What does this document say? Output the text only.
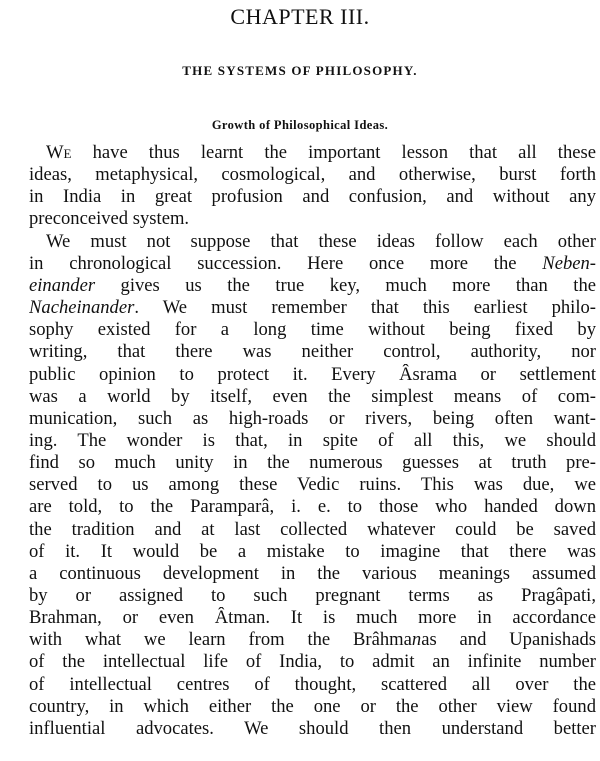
CHAPTER III.
THE SYSTEMS OF PHILOSOPHY.
Growth of Philosophical Ideas.
We have thus learnt the important lesson that all these
ideas, metaphysical, cosmological, and otherwise, burst forth
in India in great profusion and confusion, and without any
preconceived system.
We must not suppose that these ideas follow each other
in chronological succession. Here once more the Neben-
einander gives us the true key, much more than the
Nacheinander. We must remember that this earliest philo-
sophy existed for a long time without being fixed by
writing, that there was neither control, authority, nor
public opinion to protect it. Every Âsrama or settlement
was a world by itself, even the simplest means of com-
munication, such as high-roads or rivers, being often want-
ing. The wonder is that, in spite of all this, we should
find so much unity in the numerous guesses at truth pre-
served to us among these Vedic ruins. This was due, we
are told, to the Paramparâ, i. e. to those who handed down
the tradition and at last collected whatever could be saved
of it. It would be a mistake to imagine that there was
a continuous development in the various meanings assumed
by or assigned to such pregnant terms as Pragâpati,
Brahman, or even Âtman. It is much more in accordance
with what we learn from the Brâhmanas and Upanishads
of the intellectual life of India, to admit an infinite number
of intellectual centres of thought, scattered all over the
country, in which either the one or the other view found
influential advocates. We should then understand better
